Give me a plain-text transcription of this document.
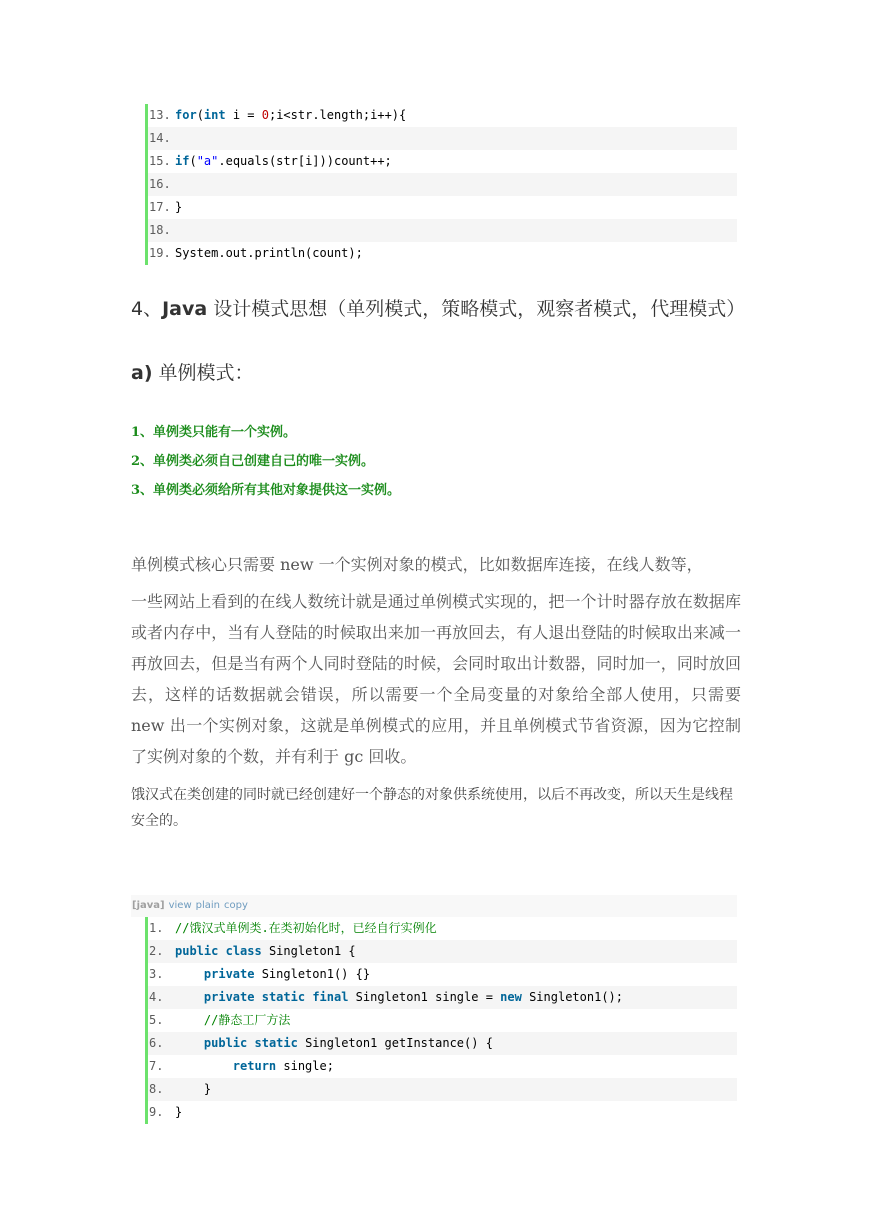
13. for(int i = 0;i<str.length;i++){
14.
15. if("a".equals(str[i]))count++;
16.
17. }
18.
19. System.out.println(count);
4、Java 设计模式思想（单列模式，策略模式，观察者模式，代理模式）
a) 单例模式：
1、单例类只能有一个实例。
2、单例类必须自己创建自己的唯一实例。
3、单例类必须给所有其他对象提供这一实例。
单例模式核心只需要 new 一个实例对象的模式，比如数据库连接，在线人数等，
一些网站上看到的在线人数统计就是通过单例模式实现的，把一个计时器存放在数据库或者内存中，当有人登陆的时候取出来加一再放回去，有人退出登陆的时候取出来减一再放回去，但是当有两个人同时登陆的时候，会同时取出计数器，同时加一，同时放回去，这样的话数据就会错误，所以需要一个全局变量的对象给全部人使用，只需要 new 出一个实例对象，这就是单例模式的应用，并且单例模式节省资源，因为它控制了实例对象的个数，并有利于 gc 回收。
饿汉式在类创建的同时就已经创建好一个静态的对象供系统使用，以后不再改变，所以天生是线程安全的。
[java] view plain copy
1. //饿汉式单例类.在类初始化时，已经自行实例化
2. public class Singleton1 {
3.	private Singleton1() {}
4.	private static final Singleton1 single = new Singleton1();
5.	//静态工厂方法
6.	public static Singleton1 getInstance() {
7.	return single;
8.    }
9. }
